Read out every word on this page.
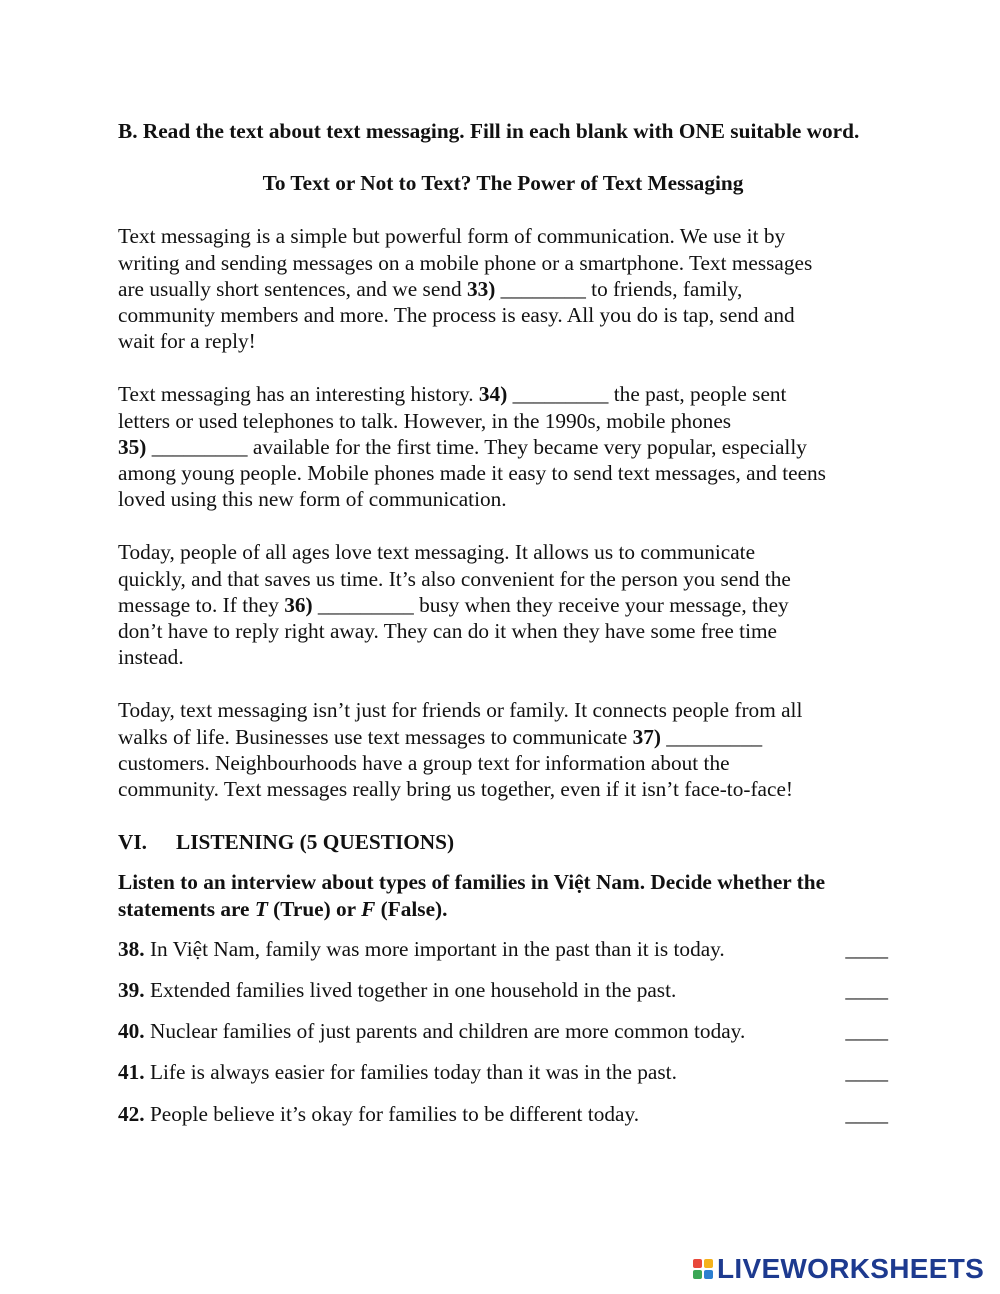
B. Read the text about text messaging. Fill in each blank with ONE suitable word.

To Text or Not to Text? The Power of Text Messaging

Text messaging is a simple but powerful form of communication. We use it by

writing and sending messages on a mobile phone or a smartphone. Text messages

are usually short sentences, and we send 33) ________ to friends, family,

community members and more. The process is easy. All you do is tap, send and

wait for a reply!

Text messaging has an interesting history. 34) _________ the past, people sent

letters or used telephones to talk. However, in the 1990s, mobile phones

35) _________ available for the first time. They became very popular, especially

among young people. Mobile phones made it easy to send text messages, and teens

loved using this new form of communication.

Today, people of all ages love text messaging. It allows us to communicate

quickly, and that saves us time. It’s also convenient for the person you send the

message to. If they 36) _________ busy when they receive your message, they

don’t have to reply right away. They can do it when they have some free time

instead.

Today, text messaging isn’t just for friends or family. It connects people from all

walks of life. Businesses use text messages to communicate 37) _________

customers. Neighbourhoods have a group text for information about the

community. Text messages really bring us together, even if it isn’t face-to-face!

VI.	LISTENING (5 QUESTIONS)
Listen to an interview about types of families in Việt Nam. Decide whether the
statements are T (True) or F (False).
38. In Việt Nam, family was more important in the past than it is today.	____
39. Extended families lived together in one household in the past.	____
40. Nuclear families of just parents and children are more common today.	____
41. Life is always easier for families today than it was in the past.	____
42. People believe it’s okay for families to be different today.	____
LIVEWORKSHEETS
